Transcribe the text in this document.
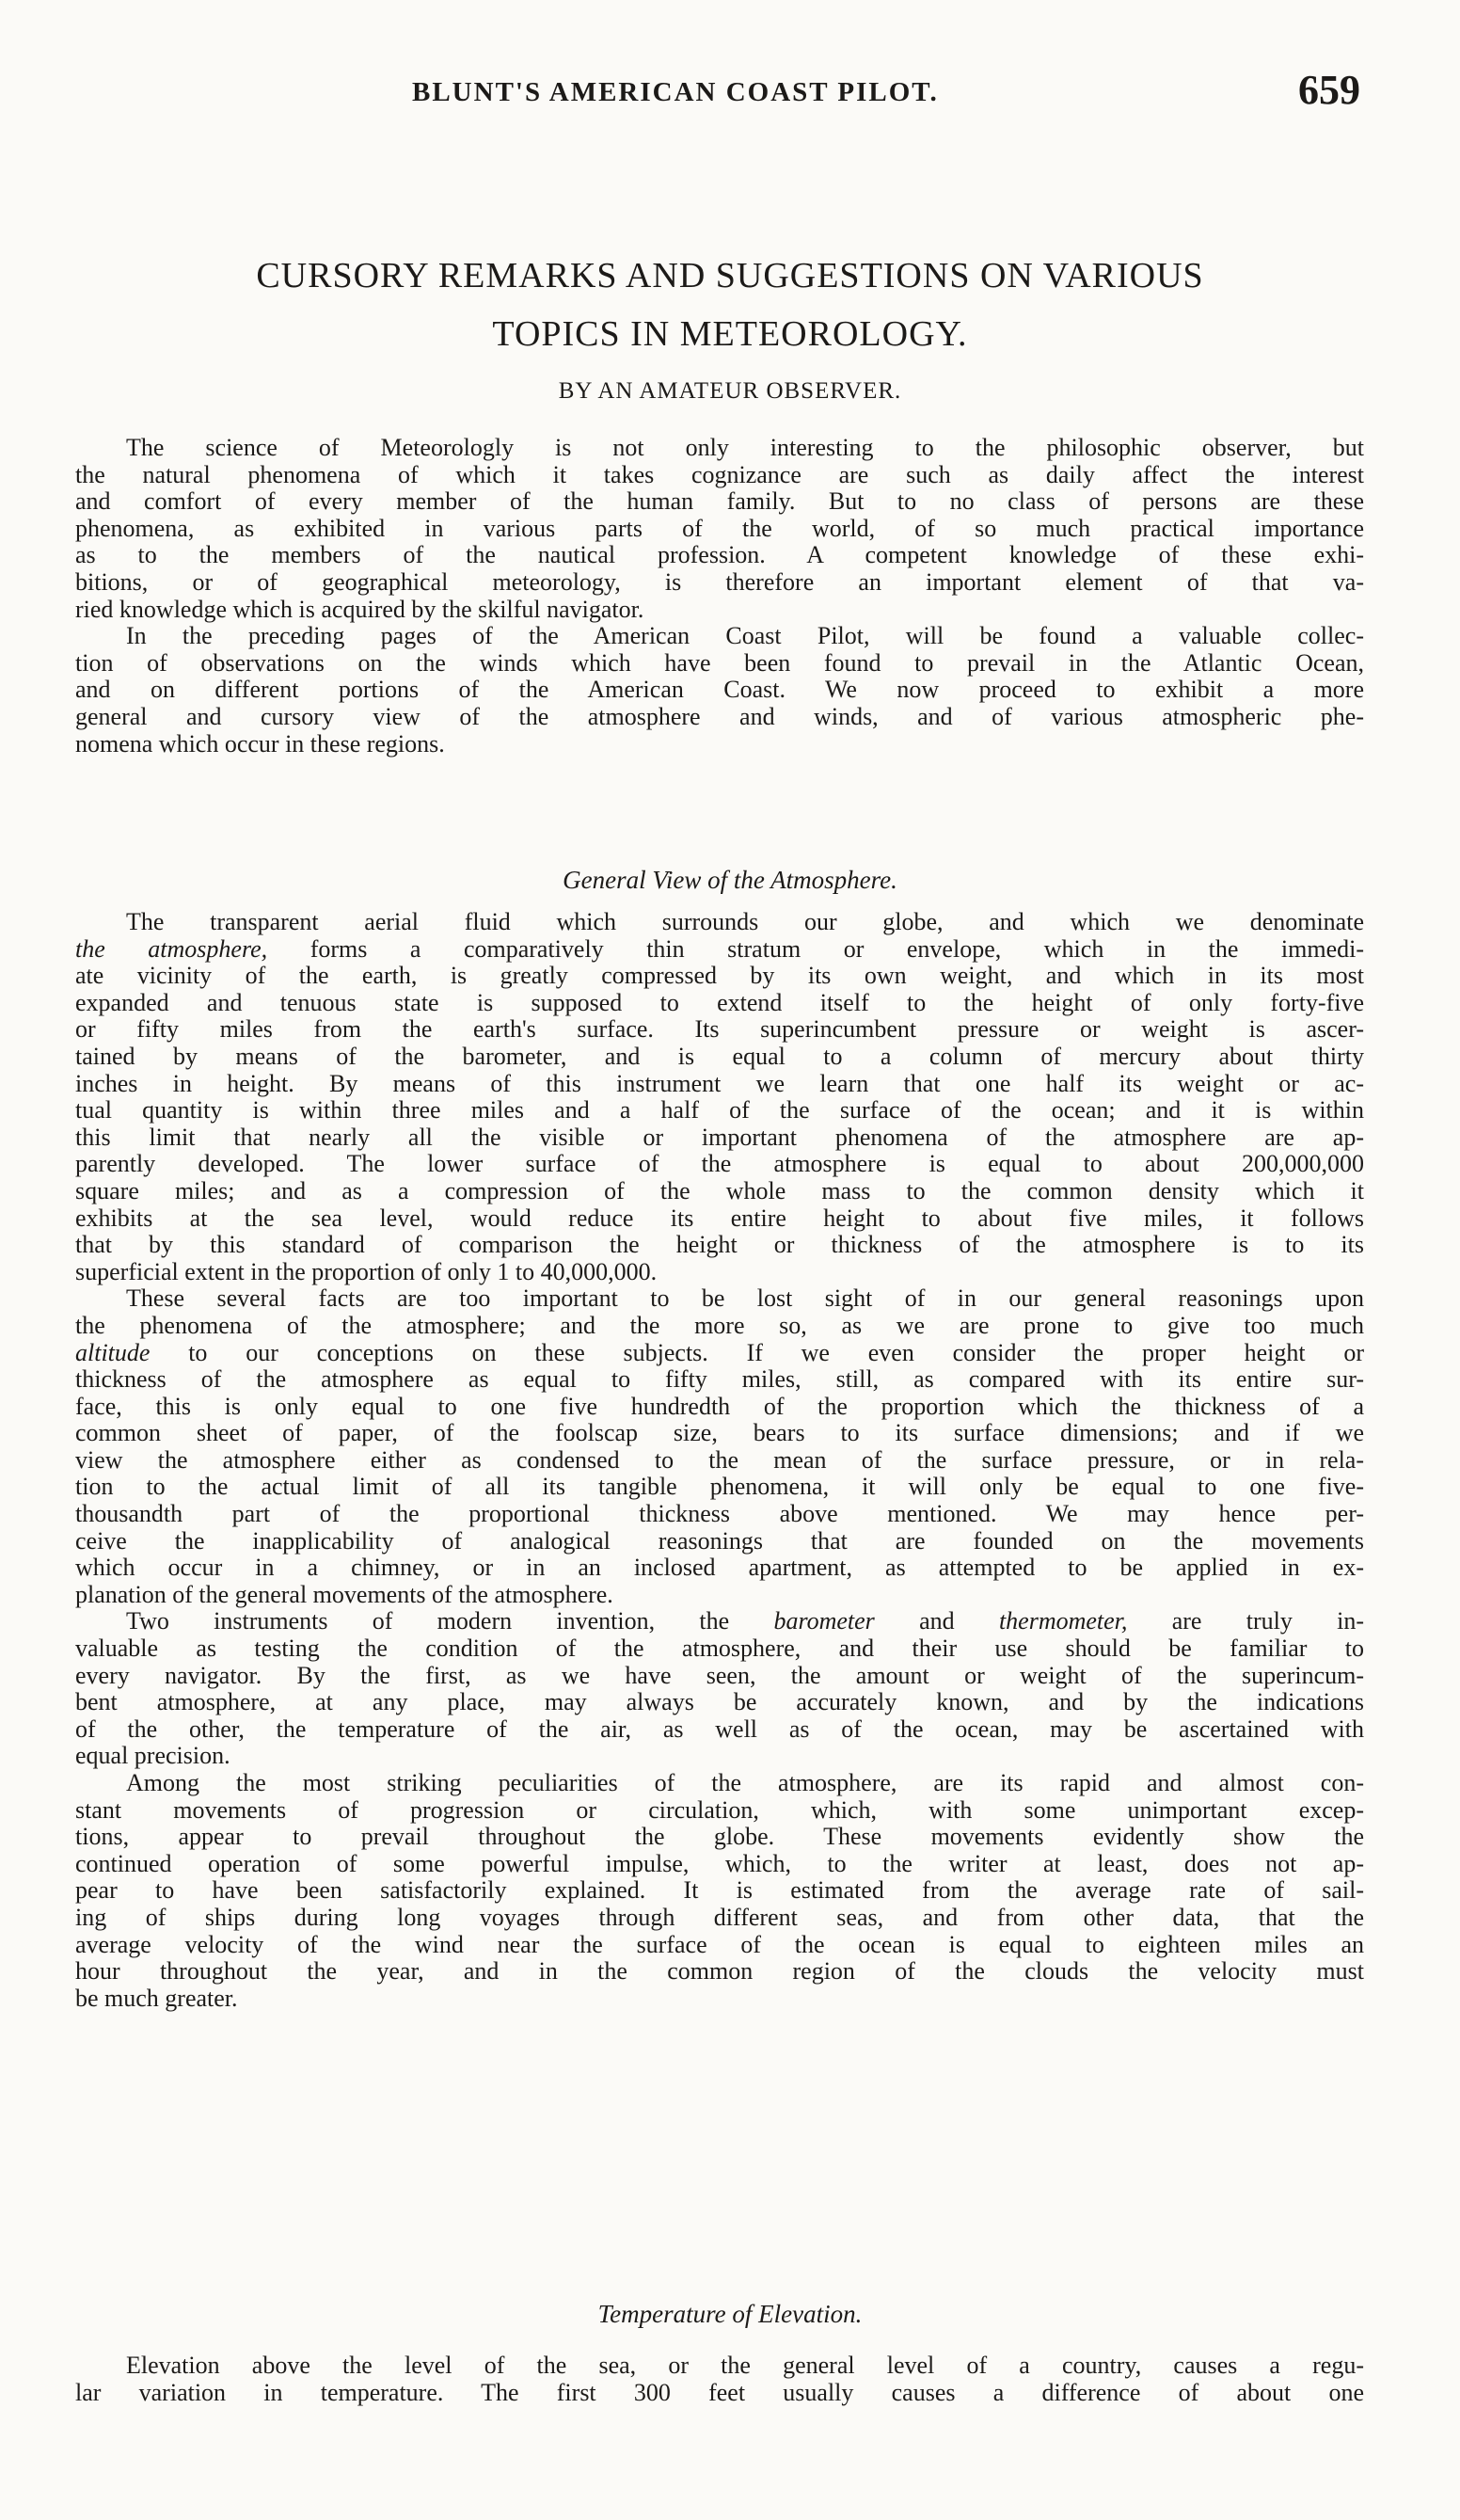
BLUNT'S AMERICAN COAST PILOT.	659
CURSORY REMARKS AND SUGGESTIONS ON VARIOUS
TOPICS IN METEOROLOGY.
BY AN AMATEUR OBSERVER.
The science of Meteorologly is not only interesting to the philosophic observer, but
the natural phenomena of which it takes cognizance are such as daily affect the interest
and comfort of every member of the human family. But to no class of persons are these
phenomena, as exhibited in various parts of the world, of so much practical importance
as to the members of the nautical profession. A competent knowledge of these exhi-
bitions, or of geographical meteorology, is therefore an important element of that va-
ried knowledge which is acquired by the skilful navigator.
In the preceding pages of the American Coast Pilot, will be found a valuable collec-
tion of observations on the winds which have been found to prevail in the Atlantic Ocean,
and on different portions of the American Coast. We now proceed to exhibit a more
general and cursory view of the atmosphere and winds, and of various atmospheric phe-
nomena which occur in these regions.
General View of the Atmosphere.
The transparent aerial fluid which surrounds our globe, and which we denominate
the atmosphere, forms a comparatively thin stratum or envelope, which in the immedi-
ate vicinity of the earth, is greatly compressed by its own weight, and which in its most
expanded and tenuous state is supposed to extend itself to the height of only forty-five
or fifty miles from the earth's surface. Its superincumbent pressure or weight is ascer-
tained by means of the barometer, and is equal to a column of mercury about thirty
inches in height. By means of this instrument we learn that one half its weight or ac-
tual quantity is within three miles and a half of the surface of the ocean; and it is within
this limit that nearly all the visible or important phenomena of the atmosphere are ap-
parently developed. The lower surface of the atmosphere is equal to about 200,000,000
square miles; and as a compression of the whole mass to the common density which it
exhibits at the sea level, would reduce its entire height to about five miles, it follows
that by this standard of comparison the height or thickness of the atmosphere is to its
superficial extent in the proportion of only 1 to 40,000,000.
These several facts are too important to be lost sight of in our general reasonings upon
the phenomena of the atmosphere; and the more so, as we are prone to give too much
altitude to our conceptions on these subjects. If we even consider the proper height or
thickness of the atmosphere as equal to fifty miles, still, as compared with its entire sur-
face, this is only equal to one five hundredth of the proportion which the thickness of a
common sheet of paper, of the foolscap size, bears to its surface dimensions; and if we
view the atmosphere either as condensed to the mean of the surface pressure, or in rela-
tion to the actual limit of all its tangible phenomena, it will only be equal to one five-
thousandth part of the proportional thickness above mentioned. We may hence per-
ceive the inapplicability of analogical reasonings that are founded on the movements
which occur in a chimney, or in an inclosed apartment, as attempted to be applied in ex-
planation of the general movements of the atmosphere.
Two instruments of modern invention, the barometer and thermometer, are truly in-
valuable as testing the condition of the atmosphere, and their use should be familiar to
every navigator. By the first, as we have seen, the amount or weight of the superincum-
bent atmosphere, at any place, may always be accurately known, and by the indications
of the other, the temperature of the air, as well as of the ocean, may be ascertained with
equal precision.
Among the most striking peculiarities of the atmosphere, are its rapid and almost con-
stant movements of progression or circulation, which, with some unimportant excep-
tions, appear to prevail throughout the globe. These movements evidently show the
continued operation of some powerful impulse, which, to the writer at least, does not ap-
pear to have been satisfactorily explained. It is estimated from the average rate of sail-
ing of ships during long voyages through different seas, and from other data, that the
average velocity of the wind near the surface of the ocean is equal to eighteen miles an
hour throughout the year, and in the common region of the clouds the velocity must
be much greater.
Temperature of Elevation.
Elevation above the level of the sea, or the general level of a country, causes a regu-
lar variation in temperature. The first 300 feet usually causes a difference of about one
